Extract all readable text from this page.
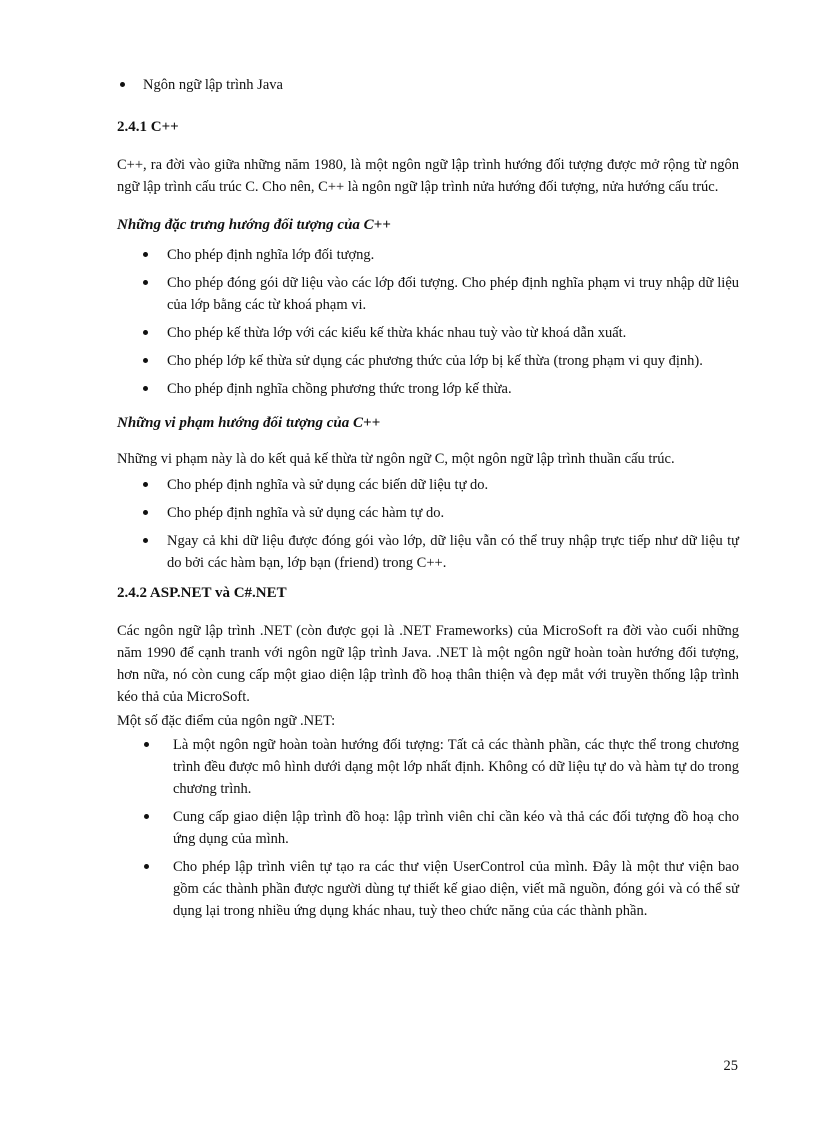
Ngôn ngữ lập trình Java

2.4.1 C++

C++, ra đời vào giữa những năm 1980, là một ngôn ngữ lập trình hướng đối tượng được mở rộng từ ngôn ngữ lập trình cấu trúc C. Cho nên, C++ là ngôn ngữ lập trình nửa hướng đối tượng, nửa hướng cấu trúc.

Những đặc trưng hướng đối tượng của C++

Cho phép định nghĩa lớp đối tượng.
Cho phép đóng gói dữ liệu vào các lớp đối tượng. Cho phép định nghĩa phạm vi truy nhập dữ liệu của lớp bằng các từ khoá phạm vi.
Cho phép kế thừa lớp với các kiểu kế thừa khác nhau tuỳ vào từ khoá dẫn xuất.
Cho phép lớp kế thừa sử dụng các phương thức của lớp bị kế thừa (trong phạm vi quy định).
Cho phép định nghĩa chồng phương thức trong lớp kế thừa.

Những vi phạm hướng đối tượng của C++

Những vi phạm này là do kết quả kế thừa từ ngôn ngữ C, một ngôn ngữ lập trình thuần cấu trúc.

Cho phép định nghĩa và sử dụng các biến dữ liệu tự do.
Cho phép định nghĩa và sử dụng các hàm tự do.
Ngay cả khi dữ liệu được đóng gói vào lớp, dữ liệu vẫn có thể truy nhập trực tiếp như dữ liệu tự do bởi các hàm bạn, lớp bạn (friend) trong C++.

2.4.2 ASP.NET và C#.NET

Các ngôn ngữ lập trình .NET (còn được gọi là .NET Frameworks) của MicroSoft ra đời vào cuối những năm 1990 để cạnh tranh với ngôn ngữ lập trình Java. .NET là một ngôn ngữ hoàn toàn hướng đối tượng, hơn nữa, nó còn cung cấp một giao diện lập trình đồ hoạ thân thiện và đẹp mắt với truyền thống lập trình kéo thả của MicroSoft.

Một số đặc điểm của ngôn ngữ .NET:

Là một ngôn ngữ hoàn toàn hướng đối tượng: Tất cả các thành phần, các thực thể trong chương trình đều được mô hình dưới dạng một lớp nhất định. Không có dữ liệu tự do và hàm tự do trong chương trình.
Cung cấp giao diện lập trình đồ hoạ: lập trình viên chỉ cần kéo và thả các đối tượng đồ hoạ cho ứng dụng của mình.
Cho phép lập trình viên tự tạo ra các thư viện UserControl của mình. Đây là một thư viện bao gồm các thành phần được người dùng tự thiết kế giao diện, viết mã nguồn, đóng gói và có thể sử dụng lại trong nhiều ứng dụng khác nhau, tuỳ theo chức năng của các thành phần.
25
